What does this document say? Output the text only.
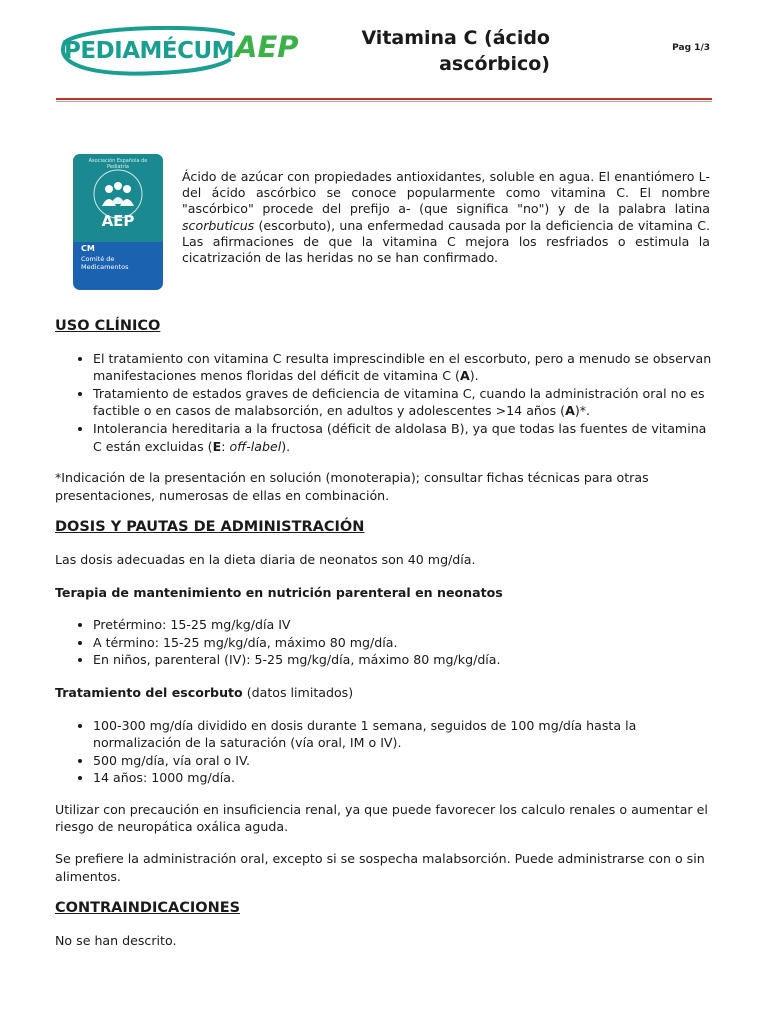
PEDIAMÉCUM AEP	Vitamina C (ácido ascórbico)
Pag 1/3
Asociación Española de Pediatría
AEP
CM
Comité de
Medicamentos
Ácido de azúcar con propiedades antioxidantes, soluble en agua. El enantiómero L- del ácido ascórbico se conoce popularmente como vitamina C. El nombre "ascórbico" procede del prefijo a- (que significa "no") y de la palabra latina scorbuticus (escorbuto), una enfermedad causada por la deficiencia de vitamina C. Las afirmaciones de que la vitamina C mejora los resfriados o estimula la cicatrización de las heridas no se han confirmado.
USO CLÍNICO
• El tratamiento con vitamina C resulta imprescindible en el escorbuto, pero a menudo se observan manifestaciones menos floridas del déficit de vitamina C (A).
• Tratamiento de estados graves de deficiencia de vitamina C, cuando la administración oral no es factible o en casos de malabsorción, en adultos y adolescentes >14 años (A)*.
• Intolerancia hereditaria a la fructosa (déficit de aldolasa B), ya que todas las fuentes de vitamina C están excluidas (E: off-label).

*Indicación de la presentación en solución (monoterapia); consultar fichas técnicas para otras presentaciones, numerosas de ellas en combinación.

DOSIS Y PAUTAS DE ADMINISTRACIÓN

Las dosis adecuadas en la dieta diaria de neonatos son 40 mg/día.

Terapia de mantenimiento en nutrición parenteral en neonatos

• Pretérmino: 15-25 mg/kg/día IV
• A término: 15-25 mg/kg/día, máximo 80 mg/día.
• En niños, parenteral (IV): 5-25 mg/kg/día, máximo 80 mg/kg/día.

Tratamiento del escorbuto (datos limitados)

• 100-300 mg/día dividido en dosis durante 1 semana, seguidos de 100 mg/día hasta la normalización de la saturación (vía oral, IM o IV).
• 500 mg/día, vía oral o IV.
• 14 años: 1000 mg/día.

Utilizar con precaución en insuficiencia renal, ya que puede favorecer los calculo renales o aumentar el riesgo de neuropática oxálica aguda.

Se prefiere la administración oral, excepto si se sospecha malabsorción. Puede administrarse con o sin alimentos.

CONTRAINDICACIONES

No se han descrito.
